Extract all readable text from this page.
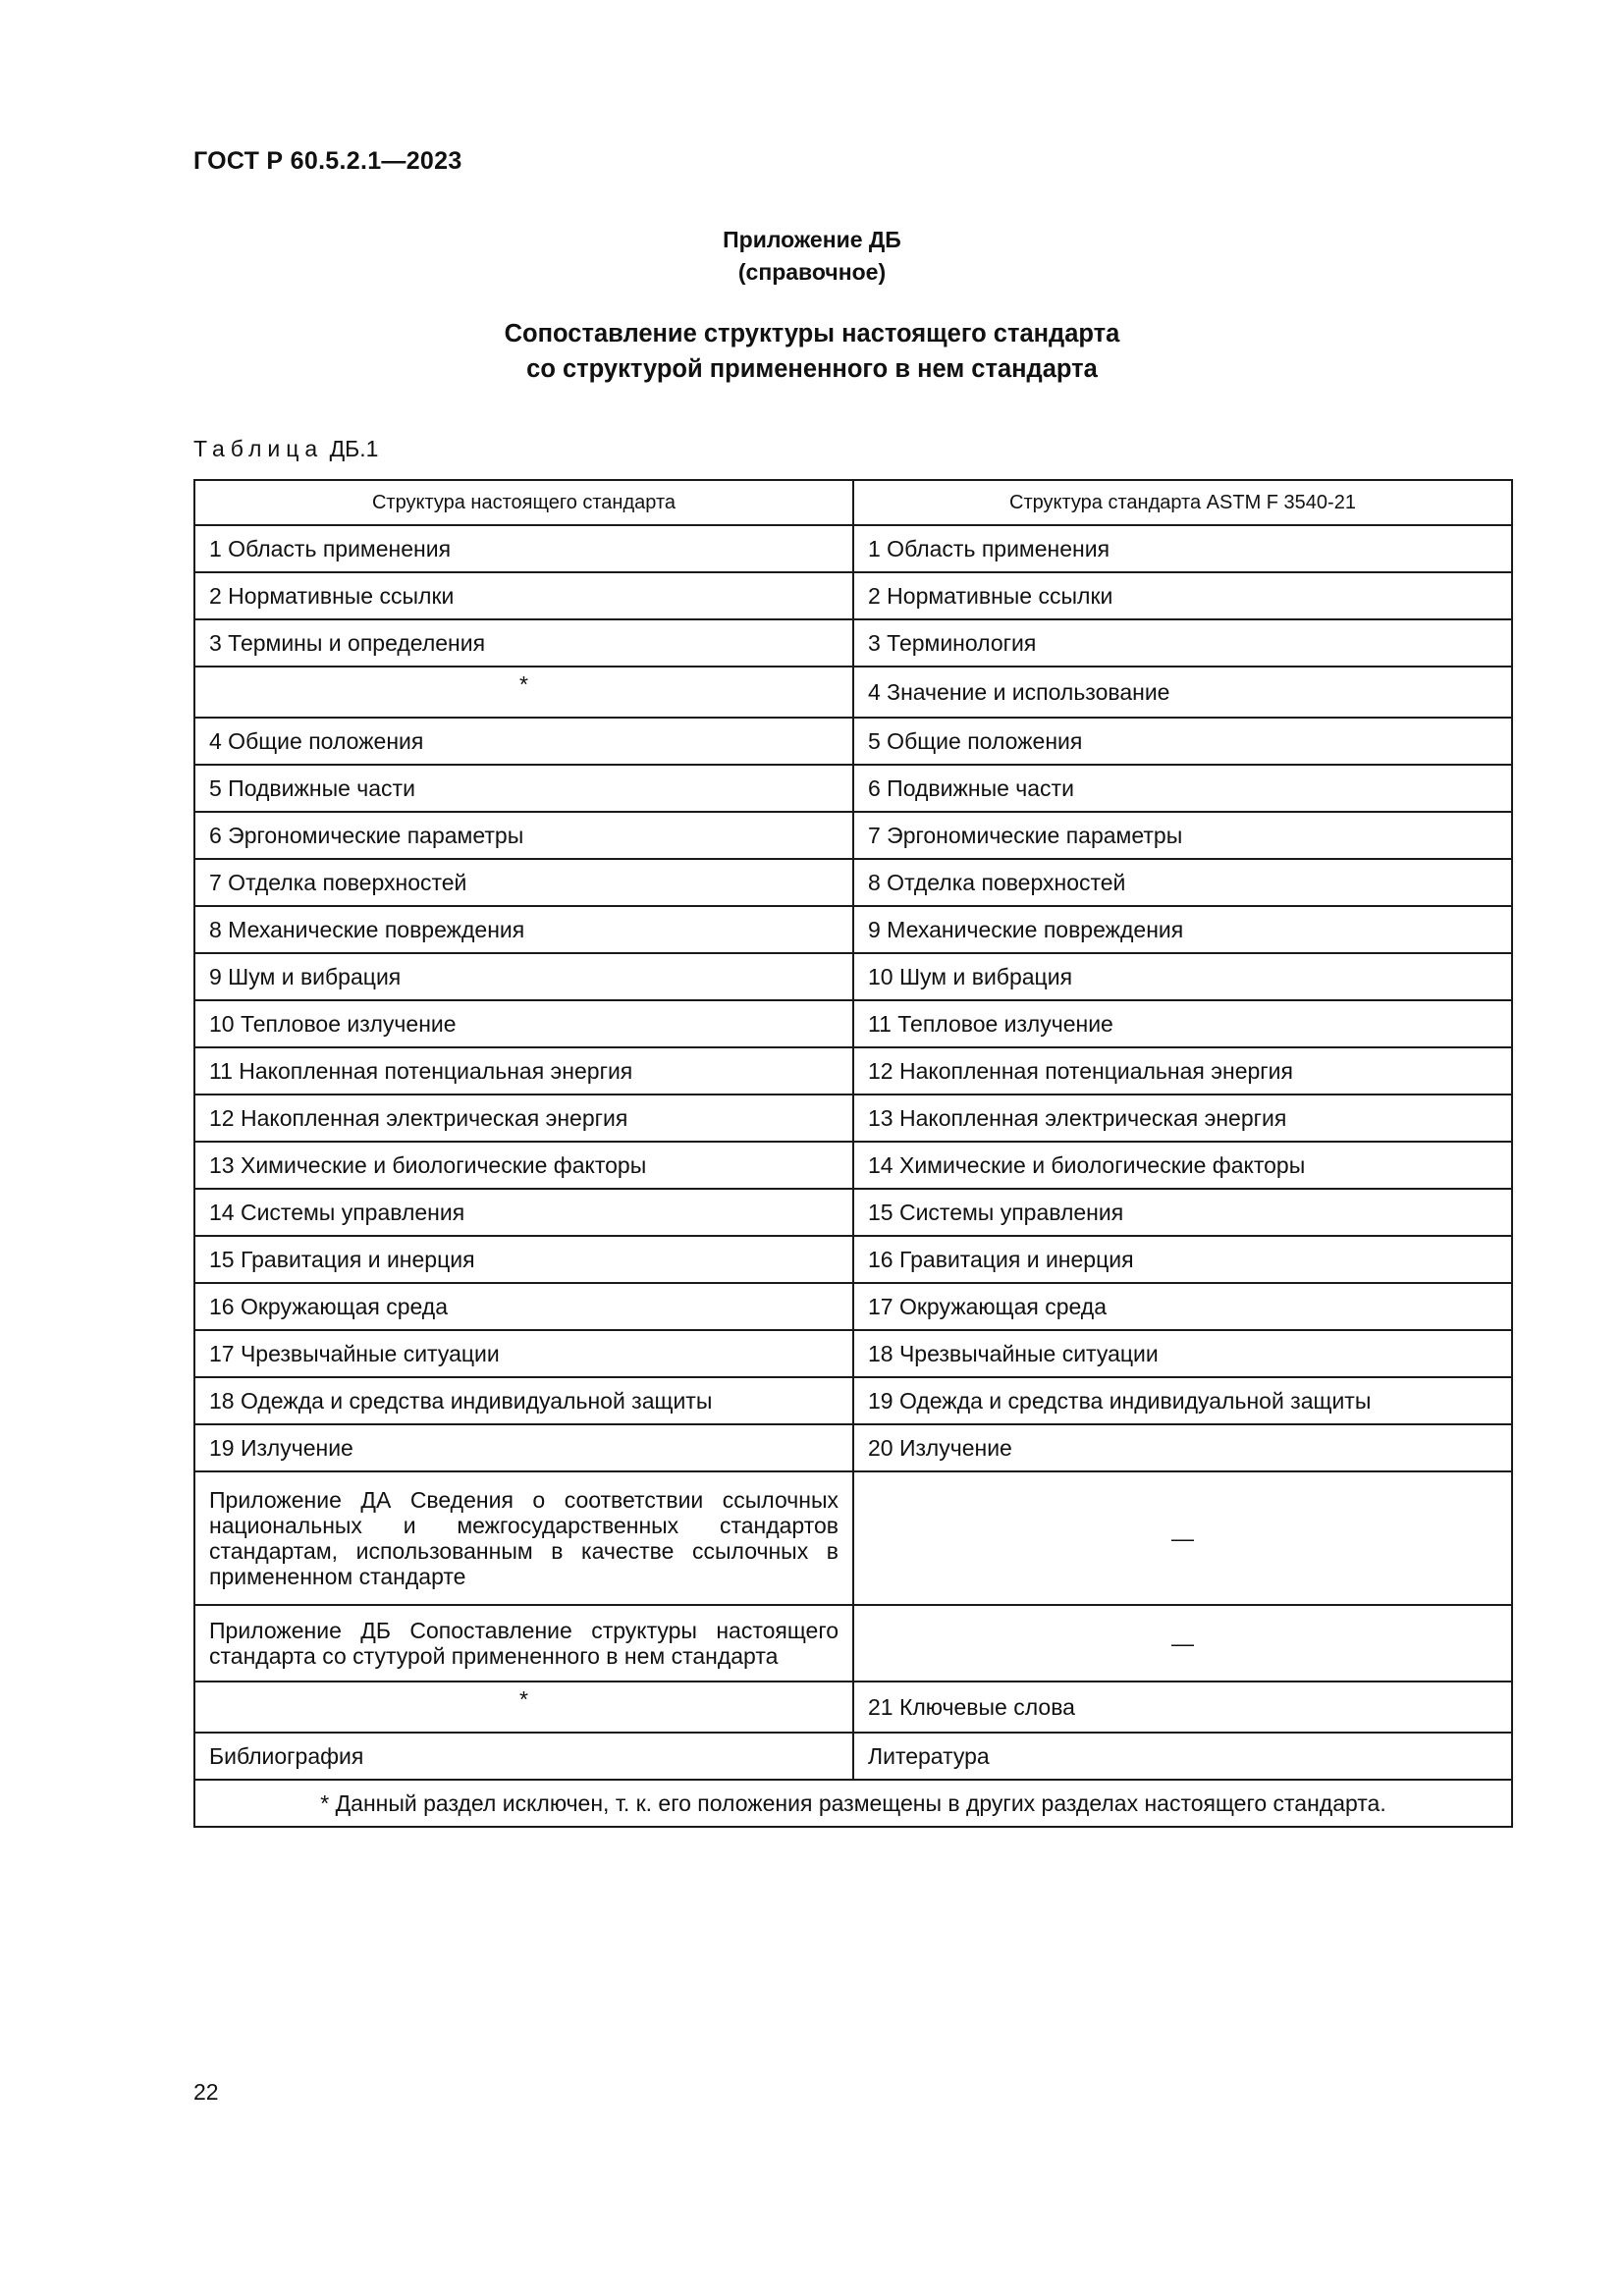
ГОСТ Р 60.5.2.1—2023
Приложение ДБ
(справочное)
Сопоставление структуры настоящего стандарта
со структурой примененного в нем стандарта
Таблица ДБ.1
Структура настоящего стандарта	Структура стандарта ASTM F 3540-21
1 Область применения	1 Область применения
2 Нормативные ссылки	2 Нормативные ссылки
3 Термины и определения	3 Терминология
*	4 Значение и использование
4 Общие положения	5 Общие положения
5 Подвижные части	6 Подвижные части
6 Эргономические параметры	7 Эргономические параметры
7 Отделка поверхностей	8 Отделка поверхностей
8 Механические повреждения	9 Механические повреждения
9 Шум и вибрация	10 Шум и вибрация
10 Тепловое излучение	11 Тепловое излучение
11 Накопленная потенциальная энергия	12 Накопленная потенциальная энергия
12 Накопленная электрическая энергия	13 Накопленная электрическая энергия
13 Химические и биологические факторы	14 Химические и биологические факторы
14 Системы управления	15 Системы управления
15 Гравитация и инерция	16 Гравитация и инерция
16 Окружающая среда	17 Окружающая среда
17 Чрезвычайные ситуации	18 Чрезвычайные ситуации
18 Одежда и средства индивидуальной защиты	19 Одежда и средства индивидуальной защиты
19 Излучение	20 Излучение
Приложение ДА Сведения о соответствии ссылочных национальных и межгосударственных стандартов стандартам, использованным в качестве ссылочных в примененном стандарте	—
Приложение ДБ Сопоставление структуры настоящего стандарта со стутурой примененного в нем стандарта	—
*	21 Ключевые слова
Библиография	Литература
* Данный раздел исключен, т. к. его положения размещены в других разделах настоящего стандарта.	
22
